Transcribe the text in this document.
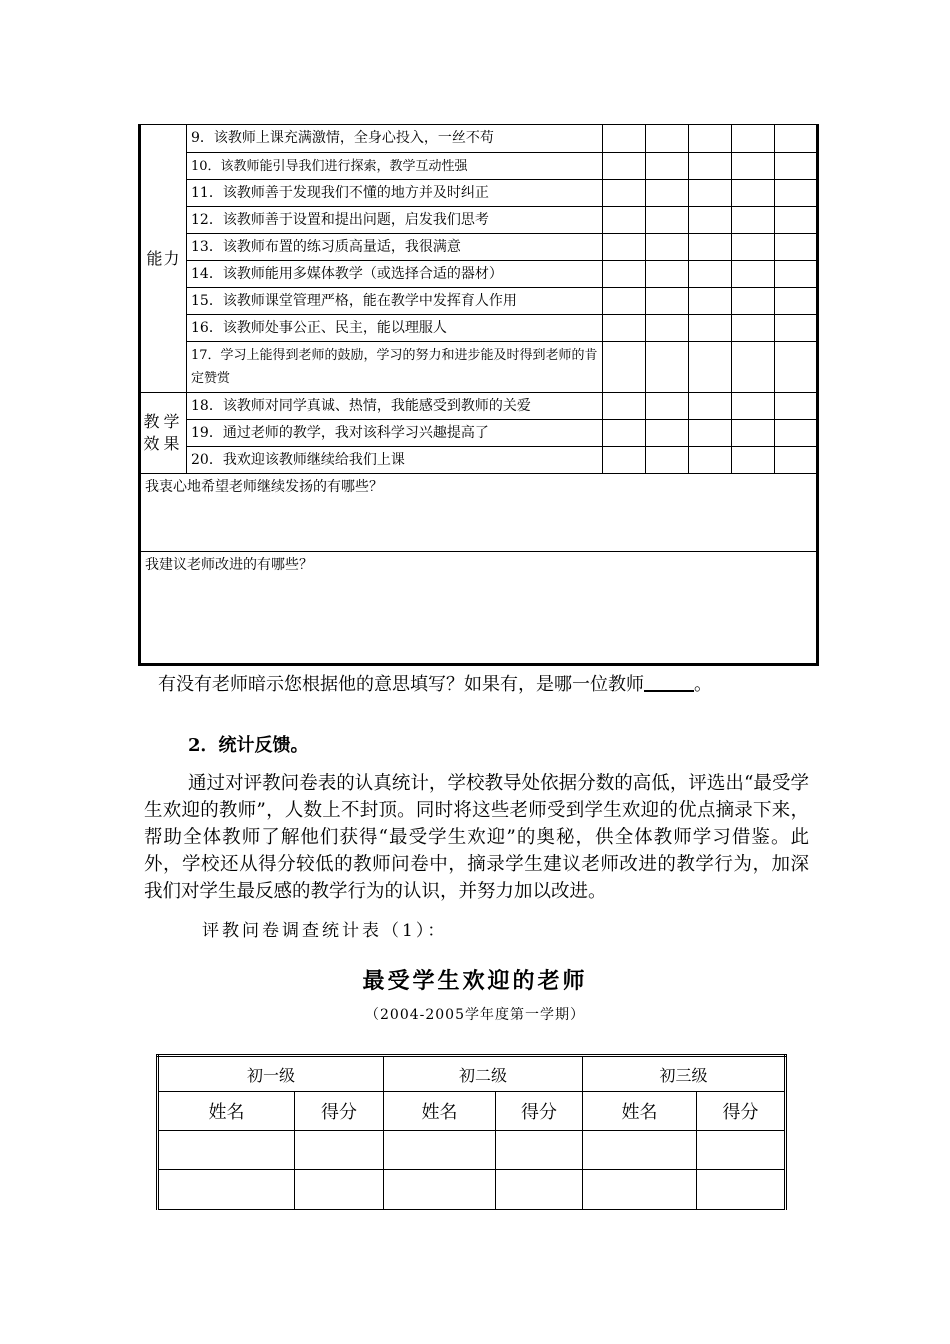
能力	9．该教师上课充满激情，全身心投入，一丝不苟					
	10．该教师能引导我们进行探索，教学互动性强					
	11．该教师善于发现我们不懂的地方并及时纠正					
	12．该教师善于设置和提出问题，启发我们思考					
	13．该教师布置的练习质高量适，我很满意					
	14．该教师能用多媒体教学（或选择合适的器材）					
	15．该教师课堂管理严格，能在教学中发挥育人作用					
	16．该教师处事公正、民主，能以理服人					
	17．学习上能得到老师的鼓励，学习的努力和进步能及时得到老师的肯定赞赏					
教学效果	18．该教师对同学真诚、热情，我能感受到教师的关爱					
	19．通过老师的教学，我对该科学习兴趣提高了					
	20．我欢迎该教师继续给我们上课					
我衷心地希望老师继续发扬的有哪些？						
我建议老师改进的有哪些？						

有没有老师暗示您根据他的意思填写？如果有，是哪一位教师	。

2．统计反馈。

通过对评教问卷表的认真统计，学校教导处依据分数的高低，评选出“最受学生欢迎的教师”，人数上不封顶。同时将这些老师受到学生欢迎的优点摘录下来，帮助全体教师了解他们获得“最受学生欢迎”的奥秘，供全体教师学习借鉴。此外，学校还从得分较低的教师问卷中，摘录学生建议老师改进的教学行为，加深我们对学生最反感的教学行为的认识，并努力加以改进。

评教问卷调查统计表（1）：

最受学生欢迎的老师

（2004-2005学年度第一学期）

初一级		初二级		初三级	
姓名	得分	姓名	得分	姓名	得分
